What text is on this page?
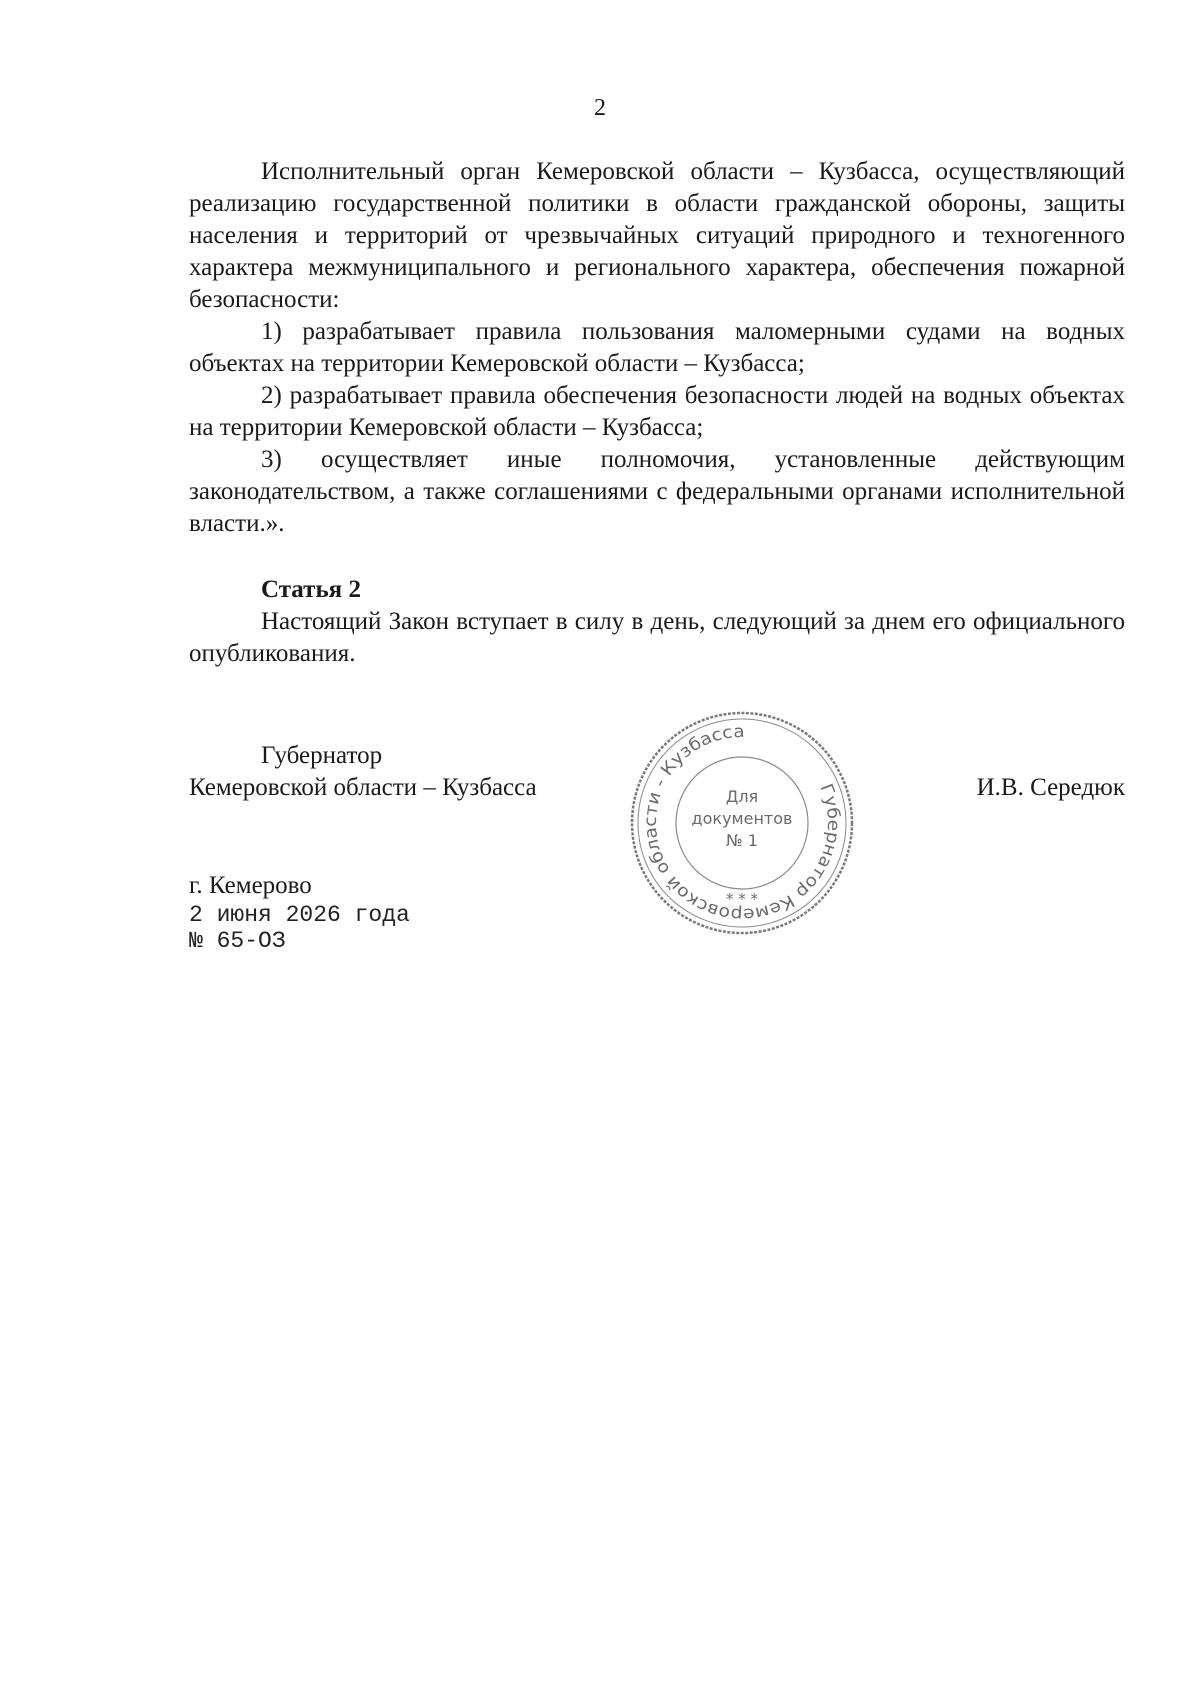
2

Исполнительный орган Кемеровской области – Кузбасса, осуществляющий реализацию государственной политики в области гражданской обороны, защиты населения и территорий от чрезвычайных ситуаций природного и техногенного характера межмуниципального и регионального характера, обеспечения пожарной безопасности:

1) разрабатывает правила пользования маломерными судами на водных объектах на территории Кемеровской области – Кузбасса;

2) разрабатывает правила обеспечения безопасности людей на водных объектах на территории Кемеровской области – Кузбасса;

3) осуществляет иные полномочия, установленные действующим законодательством, а также соглашениями с федеральными органами исполнительной власти.».

Статья 2

Настоящий Закон вступает в силу в день, следующий за днем его официального опубликования.

Губернатор
Кемеровской области – Кузбасса	И.В. Середюк
г. Кемерово
2 июня 2026 года
№ 65-ОЗ
Губернатор Кемеровской области - Кузбасса
Для
документов
№ 1
* * *
